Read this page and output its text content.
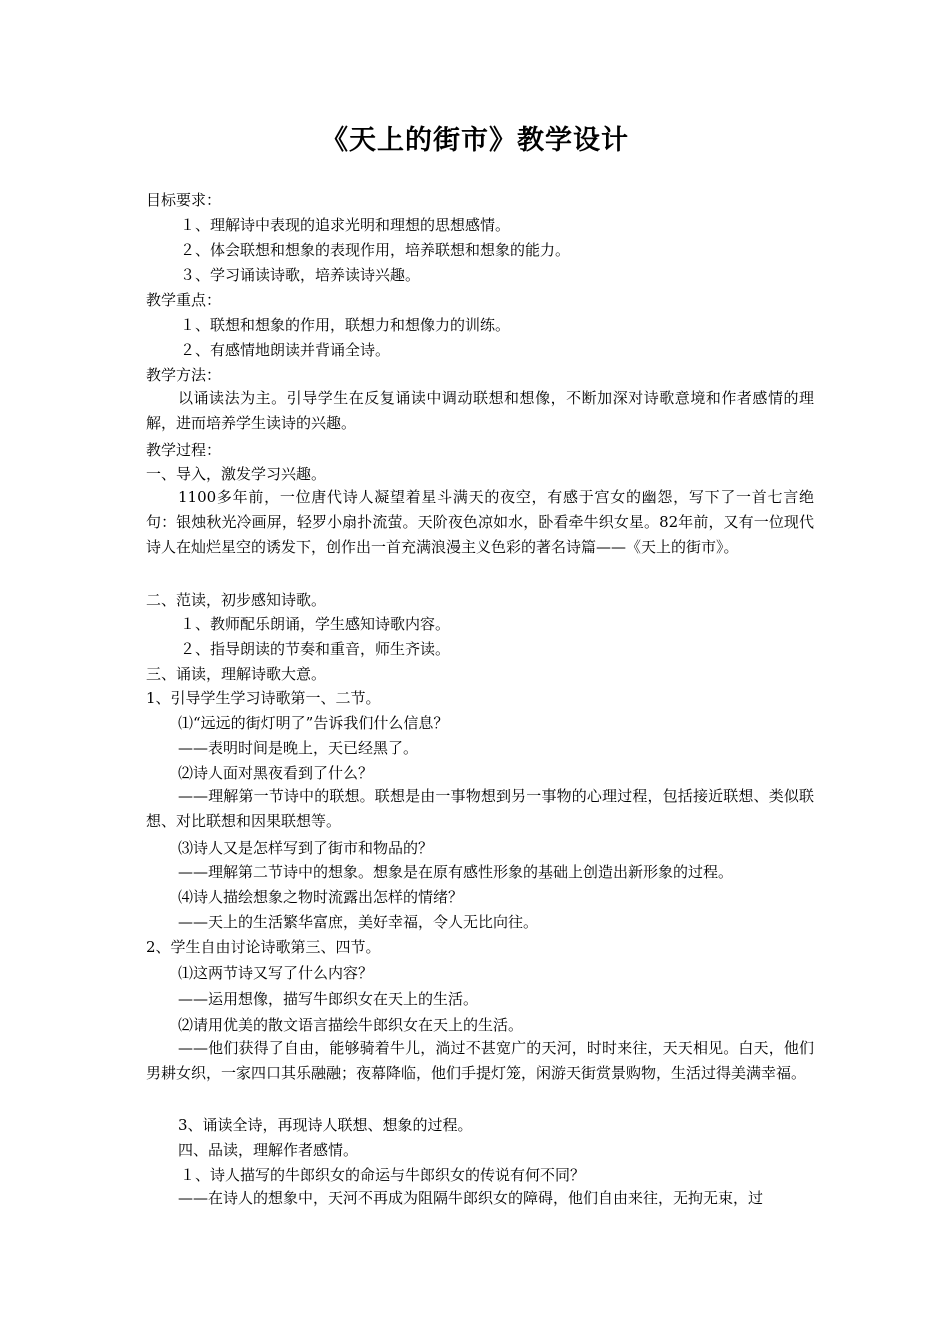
《天上的街市》教学设计
目标要求：
１、理解诗中表现的追求光明和理想的思想感情。
２、体会联想和想象的表现作用，培养联想和想象的能力。
３、学习诵读诗歌，培养读诗兴趣。
教学重点：
１、联想和想象的作用，联想力和想像力的训练。
２、有感情地朗读并背诵全诗。
教学方法：
以诵读法为主。引导学生在反复诵读中调动联想和想像，不断加深对诗歌意境和作者感情的理解，进而培养学生读诗的兴趣。
教学过程：
一、导入，激发学习兴趣。
1100多年前，一位唐代诗人凝望着星斗满天的夜空，有感于宫女的幽怨，写下了一首七言绝句：银烛秋光冷画屏，轻罗小扇扑流萤。天阶夜色凉如水，卧看牵牛织女星。82年前，又有一位现代诗人在灿烂星空的诱发下，创作出一首充满浪漫主义色彩的著名诗篇——《天上的街市》。
二、范读，初步感知诗歌。
１、教师配乐朗诵，学生感知诗歌内容。
２、指导朗读的节奏和重音，师生齐读。
三、诵读，理解诗歌大意。
1、引导学生学习诗歌第一、二节。
⑴“远远的街灯明了”告诉我们什么信息？
——表明时间是晚上，天已经黑了。
⑵诗人面对黑夜看到了什么？
——理解第一节诗中的联想。联想是由一事物想到另一事物的心理过程，包括接近联想、类似联想、对比联想和因果联想等。
⑶诗人又是怎样写到了街市和物品的？
——理解第二节诗中的想象。想象是在原有感性形象的基础上创造出新形象的过程。
⑷诗人描绘想象之物时流露出怎样的情绪？
——天上的生活繁华富庶，美好幸福，令人无比向往。
2、学生自由讨论诗歌第三、四节。
⑴这两节诗又写了什么内容？
——运用想像，描写牛郎织女在天上的生活。
⑵请用优美的散文语言描绘牛郎织女在天上的生活。
——他们获得了自由，能够骑着牛儿，淌过不甚宽广的天河，时时来往，天天相见。白天，他们男耕女织，一家四口其乐融融；夜幕降临，他们手提灯笼，闲游天街赏景购物，生活过得美满幸福。
3、诵读全诗，再现诗人联想、想象的过程。
四、品读，理解作者感情。
１、诗人描写的牛郎织女的命运与牛郎织女的传说有何不同？
——在诗人的想象中，天河不再成为阻隔牛郎织女的障碍，他们自由来往，无拘无束，过
